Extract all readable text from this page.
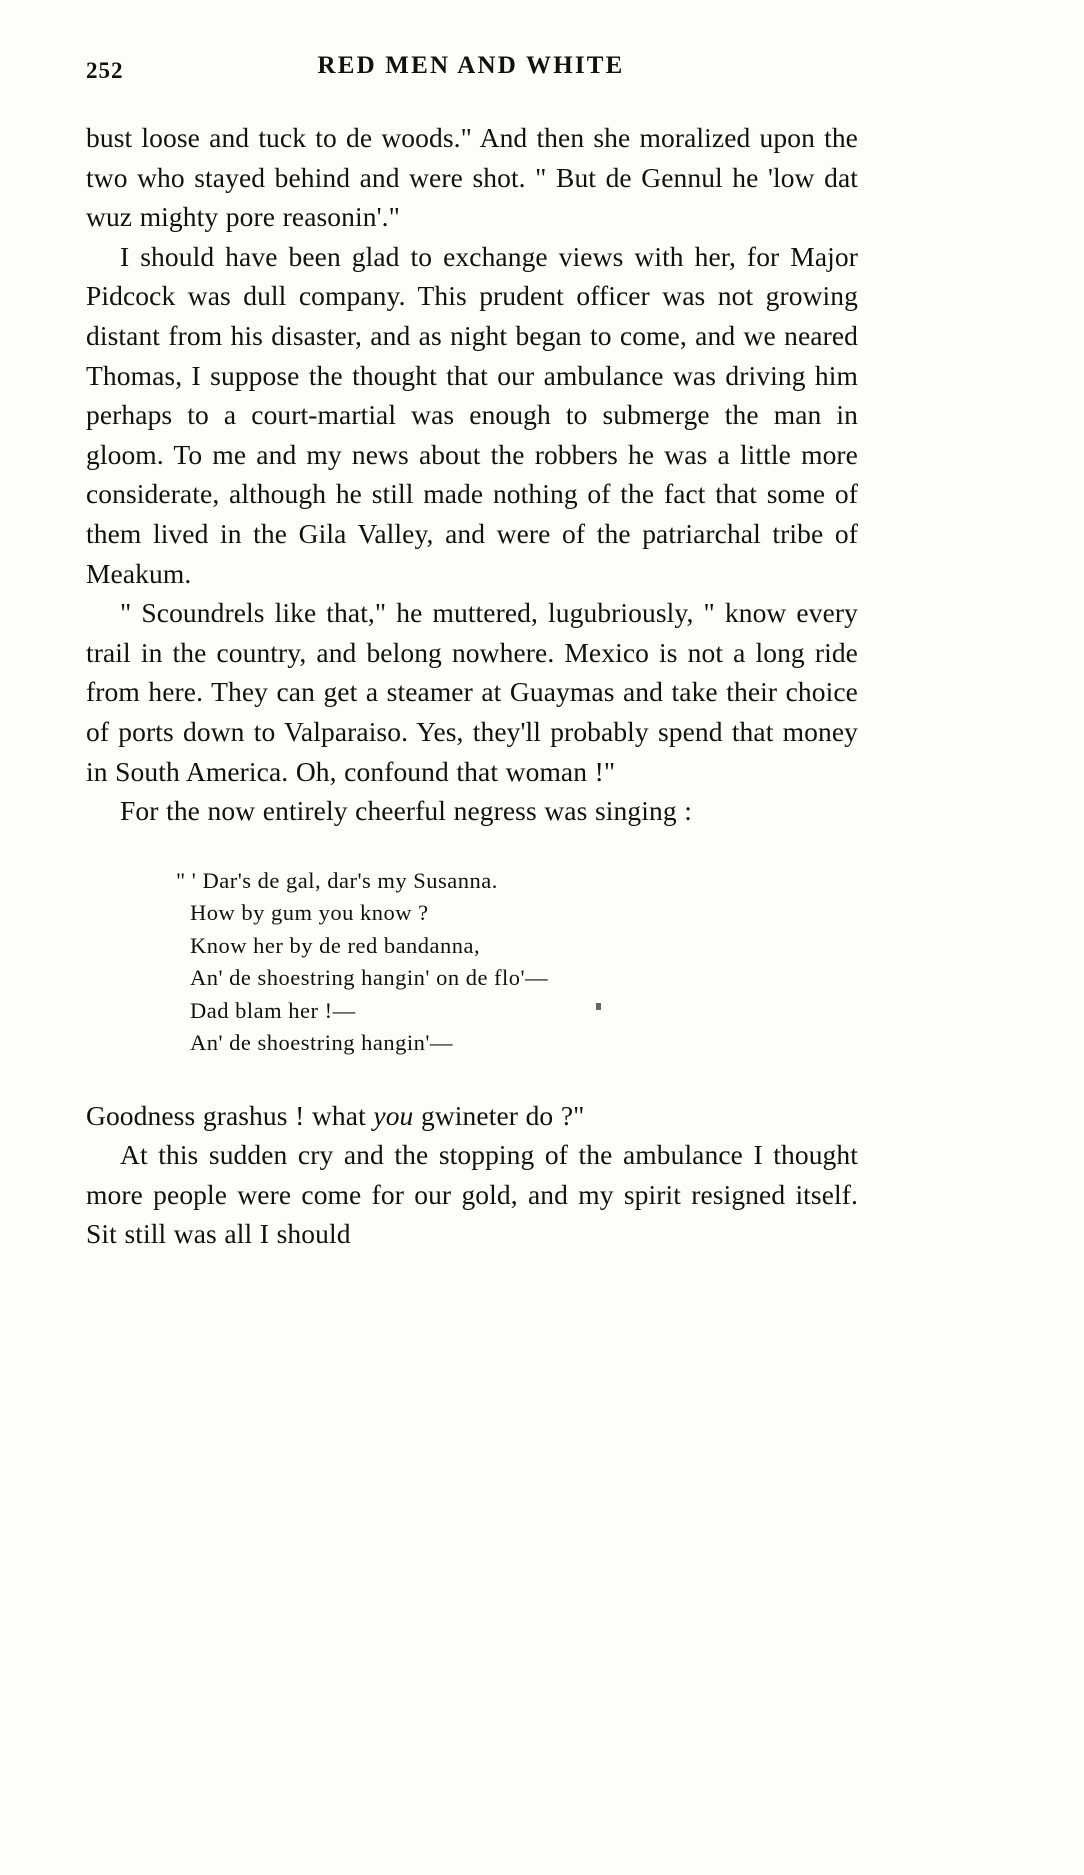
252	RED MEN AND WHITE

bust loose and tuck to de woods." And then she moralized upon the two who stayed behind and were shot. " But de Gennul he 'low dat wuz mighty pore reasonin'."

I should have been glad to exchange views with her, for Major Pidcock was dull company. This prudent officer was not growing distant from his disaster, and as night began to come, and we neared Thomas, I suppose the thought that our ambulance was driving him perhaps to a court-martial was enough to submerge the man in gloom. To me and my news about the robbers he was a little more considerate, although he still made nothing of the fact that some of them lived in the Gila Valley, and were of the patriarchal tribe of Meakum.

" Scoundrels like that," he muttered, lugubriously, " know every trail in the country, and belong nowhere. Mexico is not a long ride from here. They can get a steamer at Guaymas and take their choice of ports down to Valparaiso. Yes, they'll probably spend that money in South America. Oh, confound that woman !"

For the now entirely cheerful negress was singing :

" ' Dar's de gal, dar's my Susanna.
How by gum you know ?
Know her by de red bandanna,
An' de shoestring hangin' on de flo'—
Dad blam her !—
An' de shoestring hangin'—

Goodness grashus ! what you gwineter do ?"

At this sudden cry and the stopping of the ambulance I thought more people were come for our gold, and my spirit resigned itself. Sit still was all I should
